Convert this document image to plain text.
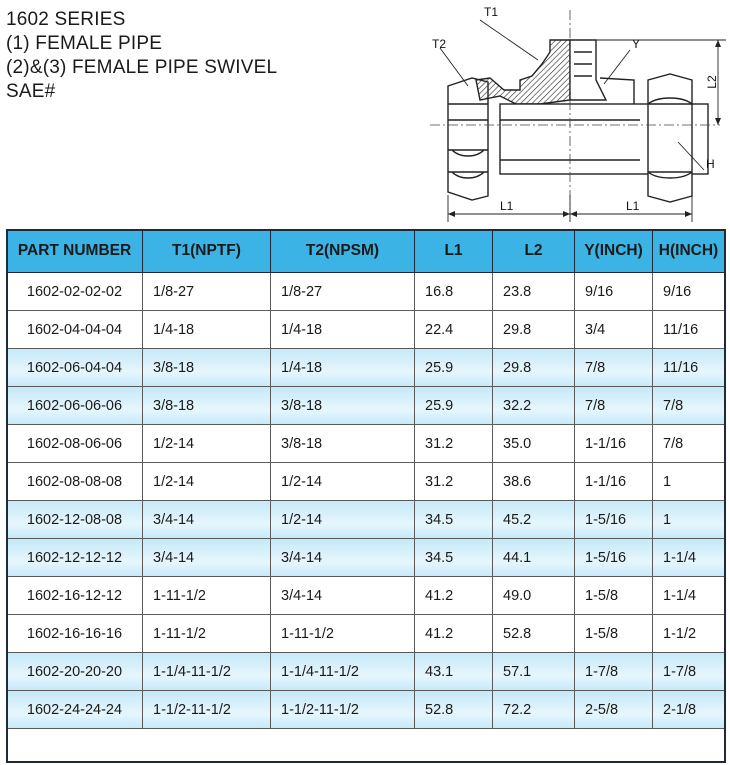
1602 SERIES
(1) FEMALE PIPE
(2)&(3) FEMALE PIPE SWIVEL
SAE#
T1
T2	Y
L2
H
L1	L1
PART NUMBER	T1(NPTF)	T2(NPSM)	L1	L2	Y(INCH)	H(INCH)
1602-02-02-02	1/8-27	1/8-27	16.8	23.8	9/16	9/16
1602-04-04-04	1/4-18	1/4-18	22.4	29.8	3/4	11/16
1602-06-04-04	3/8-18	1/4-18	25.9	29.8	7/8	11/16
1602-06-06-06	3/8-18	3/8-18	25.9	32.2	7/8	7/8
1602-08-06-06	1/2-14	3/8-18	31.2	35.0	1-1/16	7/8
1602-08-08-08	1/2-14	1/2-14	31.2	38.6	1-1/16	1
1602-12-08-08	3/4-14	1/2-14	34.5	45.2	1-5/16	1
1602-12-12-12	3/4-14	3/4-14	34.5	44.1	1-5/16	1-1/4
1602-16-12-12	1-11-1/2	3/4-14	41.2	49.0	1-5/8	1-1/4
1602-16-16-16	1-11-1/2	1-11-1/2	41.2	52.8	1-5/8	1-1/2
1602-20-20-20	1-1/4-11-1/2	1-1/4-11-1/2	43.1	57.1	1-7/8	1-7/8
1602-24-24-24	1-1/2-11-1/2	1-1/2-11-1/2	52.8	72.2	2-5/8	2-1/8
